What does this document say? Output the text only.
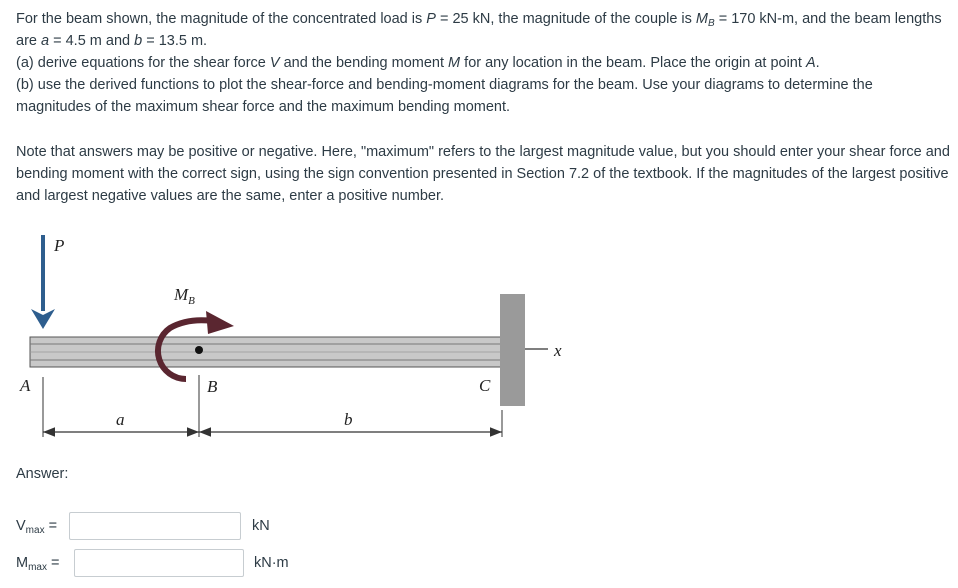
For the beam shown, the magnitude of the concentrated load is P = 25 kN, the magnitude of the couple is $M_B = 170$ kN-m, and the beam lengths are a = 4.5 m and b = 13.5 m.
(a) derive equations for the shear force V and the bending moment M for any location in the beam. Place the origin at point A.
(b) use the derived functions to plot the shear-force and bending-moment diagrams for the beam. Use your diagrams to determine the magnitudes of the maximum shear force and the maximum bending moment.

Note that answers may be positive or negative. Here, "maximum" refers to the largest magnitude value, but you should enter your shear force and bending moment with the correct sign, using the sign convention presented in Section 7.2 of the textbook. If the magnitudes of the largest positive and largest negative values are the same, enter a positive number.

x
P
$M_B$
A	B	C
a	b
Answer:
$V_{max}$ =	kN
$M_{max}$ =	kN·m
